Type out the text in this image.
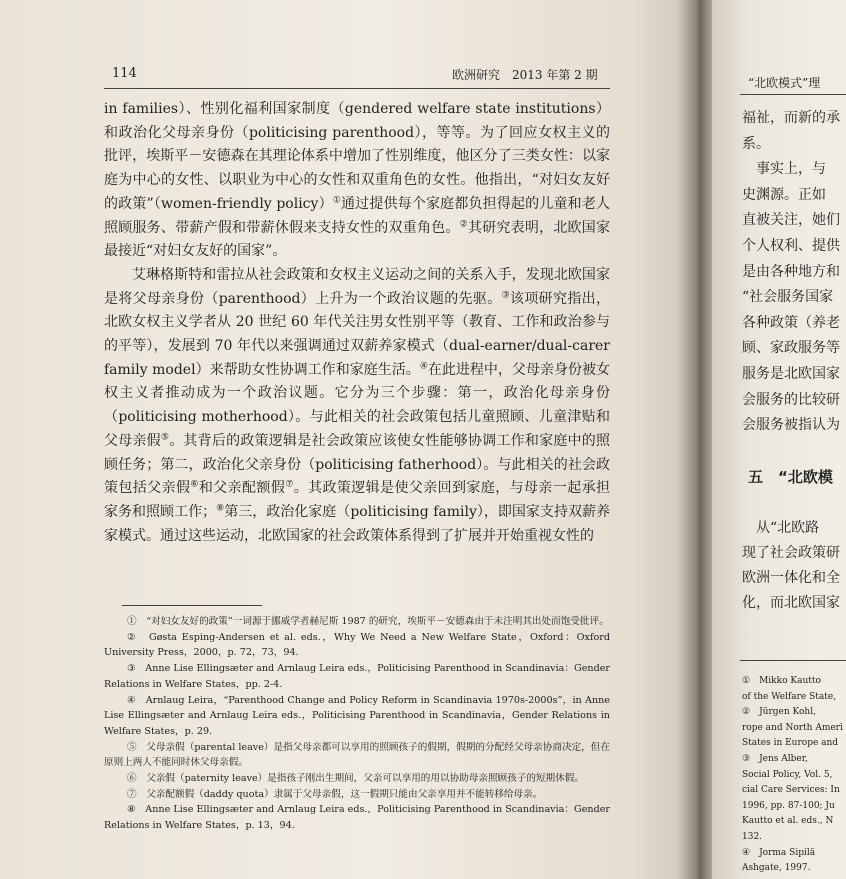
114	欧洲研究　2013 年第 2 期

in families）、性别化福利国家制度（gendered welfare state institutions）和政治化父母亲身份（politicising parenthood），等等。为了回应女权主义的批评，埃斯平－安德森在其理论体系中增加了性别维度，他区分了三类女性：以家庭为中心的女性、以职业为中心的女性和双重角色的女性。他指出，“对妇女友好的政策”（women-friendly policy）①通过提供每个家庭都负担得起的儿童和老人照顾服务、带薪产假和带薪休假来支持女性的双重角色。②其研究表明，北欧国家最接近“对妇女友好的国家”。

艾琳格斯特和雷拉从社会政策和女权主义运动之间的关系入手，发现北欧国家是将父母亲身份（parenthood）上升为一个政治议题的先驱。③该项研究指出，北欧女权主义学者从 20 世纪 60 年代关注男女性别平等（教育、工作和政治参与的平等），发展到 70 年代以来强调通过双薪养家模式（dual-earner/dual-carer family model）来帮助女性协调工作和家庭生活。④在此进程中，父母亲身份被女权主义者推动成为一个政治议题。它分为三个步骤：第一，政治化母亲身份（politicising motherhood）。与此相关的社会政策包括儿童照顾、儿童津贴和父母亲假⑤。其背后的政策逻辑是社会政策应该使女性能够协调工作和家庭中的照顾任务；第二，政治化父亲身份（politicising fatherhood）。与此相关的社会政策包括父亲假⑥和父亲配额假⑦。其政策逻辑是使父亲回到家庭，与母亲一起承担家务和照顾工作；⑧第三，政治化家庭（politicising family），即国家支持双薪养家模式。通过这些运动，北欧国家的社会政策体系得到了扩展并开始重视女性的

①　“对妇女友好的政策”一词源于挪威学者赫尼斯 1987 的研究，埃斯平－安德森由于未注明其出处而饱受批评。

②　Gøsta Esping-Andersen et al. eds.，Why We Need a New Welfare State，Oxford：Oxford University Press，2000，p. 72，73，94.

③　Anne Lise Ellingsæter and Arnlaug Leira eds.，Politicising Parenthood in Scandinavia：Gender Relations in Welfare States，pp. 2-4.

④　Arnlaug Leira，“Parenthood Change and Policy Reform in Scandinavia 1970s-2000s”，in Anne Lise Ellingsæter and Arnlaug Leira eds.，Politicising Parenthood in Scandinavia，Gender Relations in Welfare States，p. 29.

⑤　父母亲假（parental leave）是指父母亲都可以享用的照顾孩子的假期，假期的分配经父母亲协商决定，但在原则上两人不能同时休父母亲假。

⑥　父亲假（paternity leave）是指孩子刚出生期间，父亲可以享用的用以协助母亲照顾孩子的短期休假。

⑦　父亲配额假（daddy quota）隶属于父母亲假，这一假期只能由父亲享用并不能转移给母亲。

⑧　Anne Lise Ellingsæter and Arnlaug Leira eds.，Politicising Parenthood in Scandinavia：Gender Relations in Welfare States，p. 13，94.

“北欧模式”理

福祉，而新的承

系。

　事实上，与

史渊源。正如

直被关注，她们

个人权利、提供

是由各种地方和

“社会服务国家

各种政策（养老

顾、家政服务等

服务是北欧国家

会服务的比较研

会服务被指认为

五　“北欧模

　从“北欧路

现了社会政策研

欧洲一体化和全

化，而北欧国家

①　Mikko Kautto

of the Welfare State,

②　Jürgen Kohl,

rope and North Ameri

States in Europe and

③　Jens Alber,

Social Policy, Vol. 5,

cial Care Services: In

1996, pp. 87-100; Ju

Kautto et al. eds., N

132.

④　Jorma Sipilä

Ashgate, 1997.
